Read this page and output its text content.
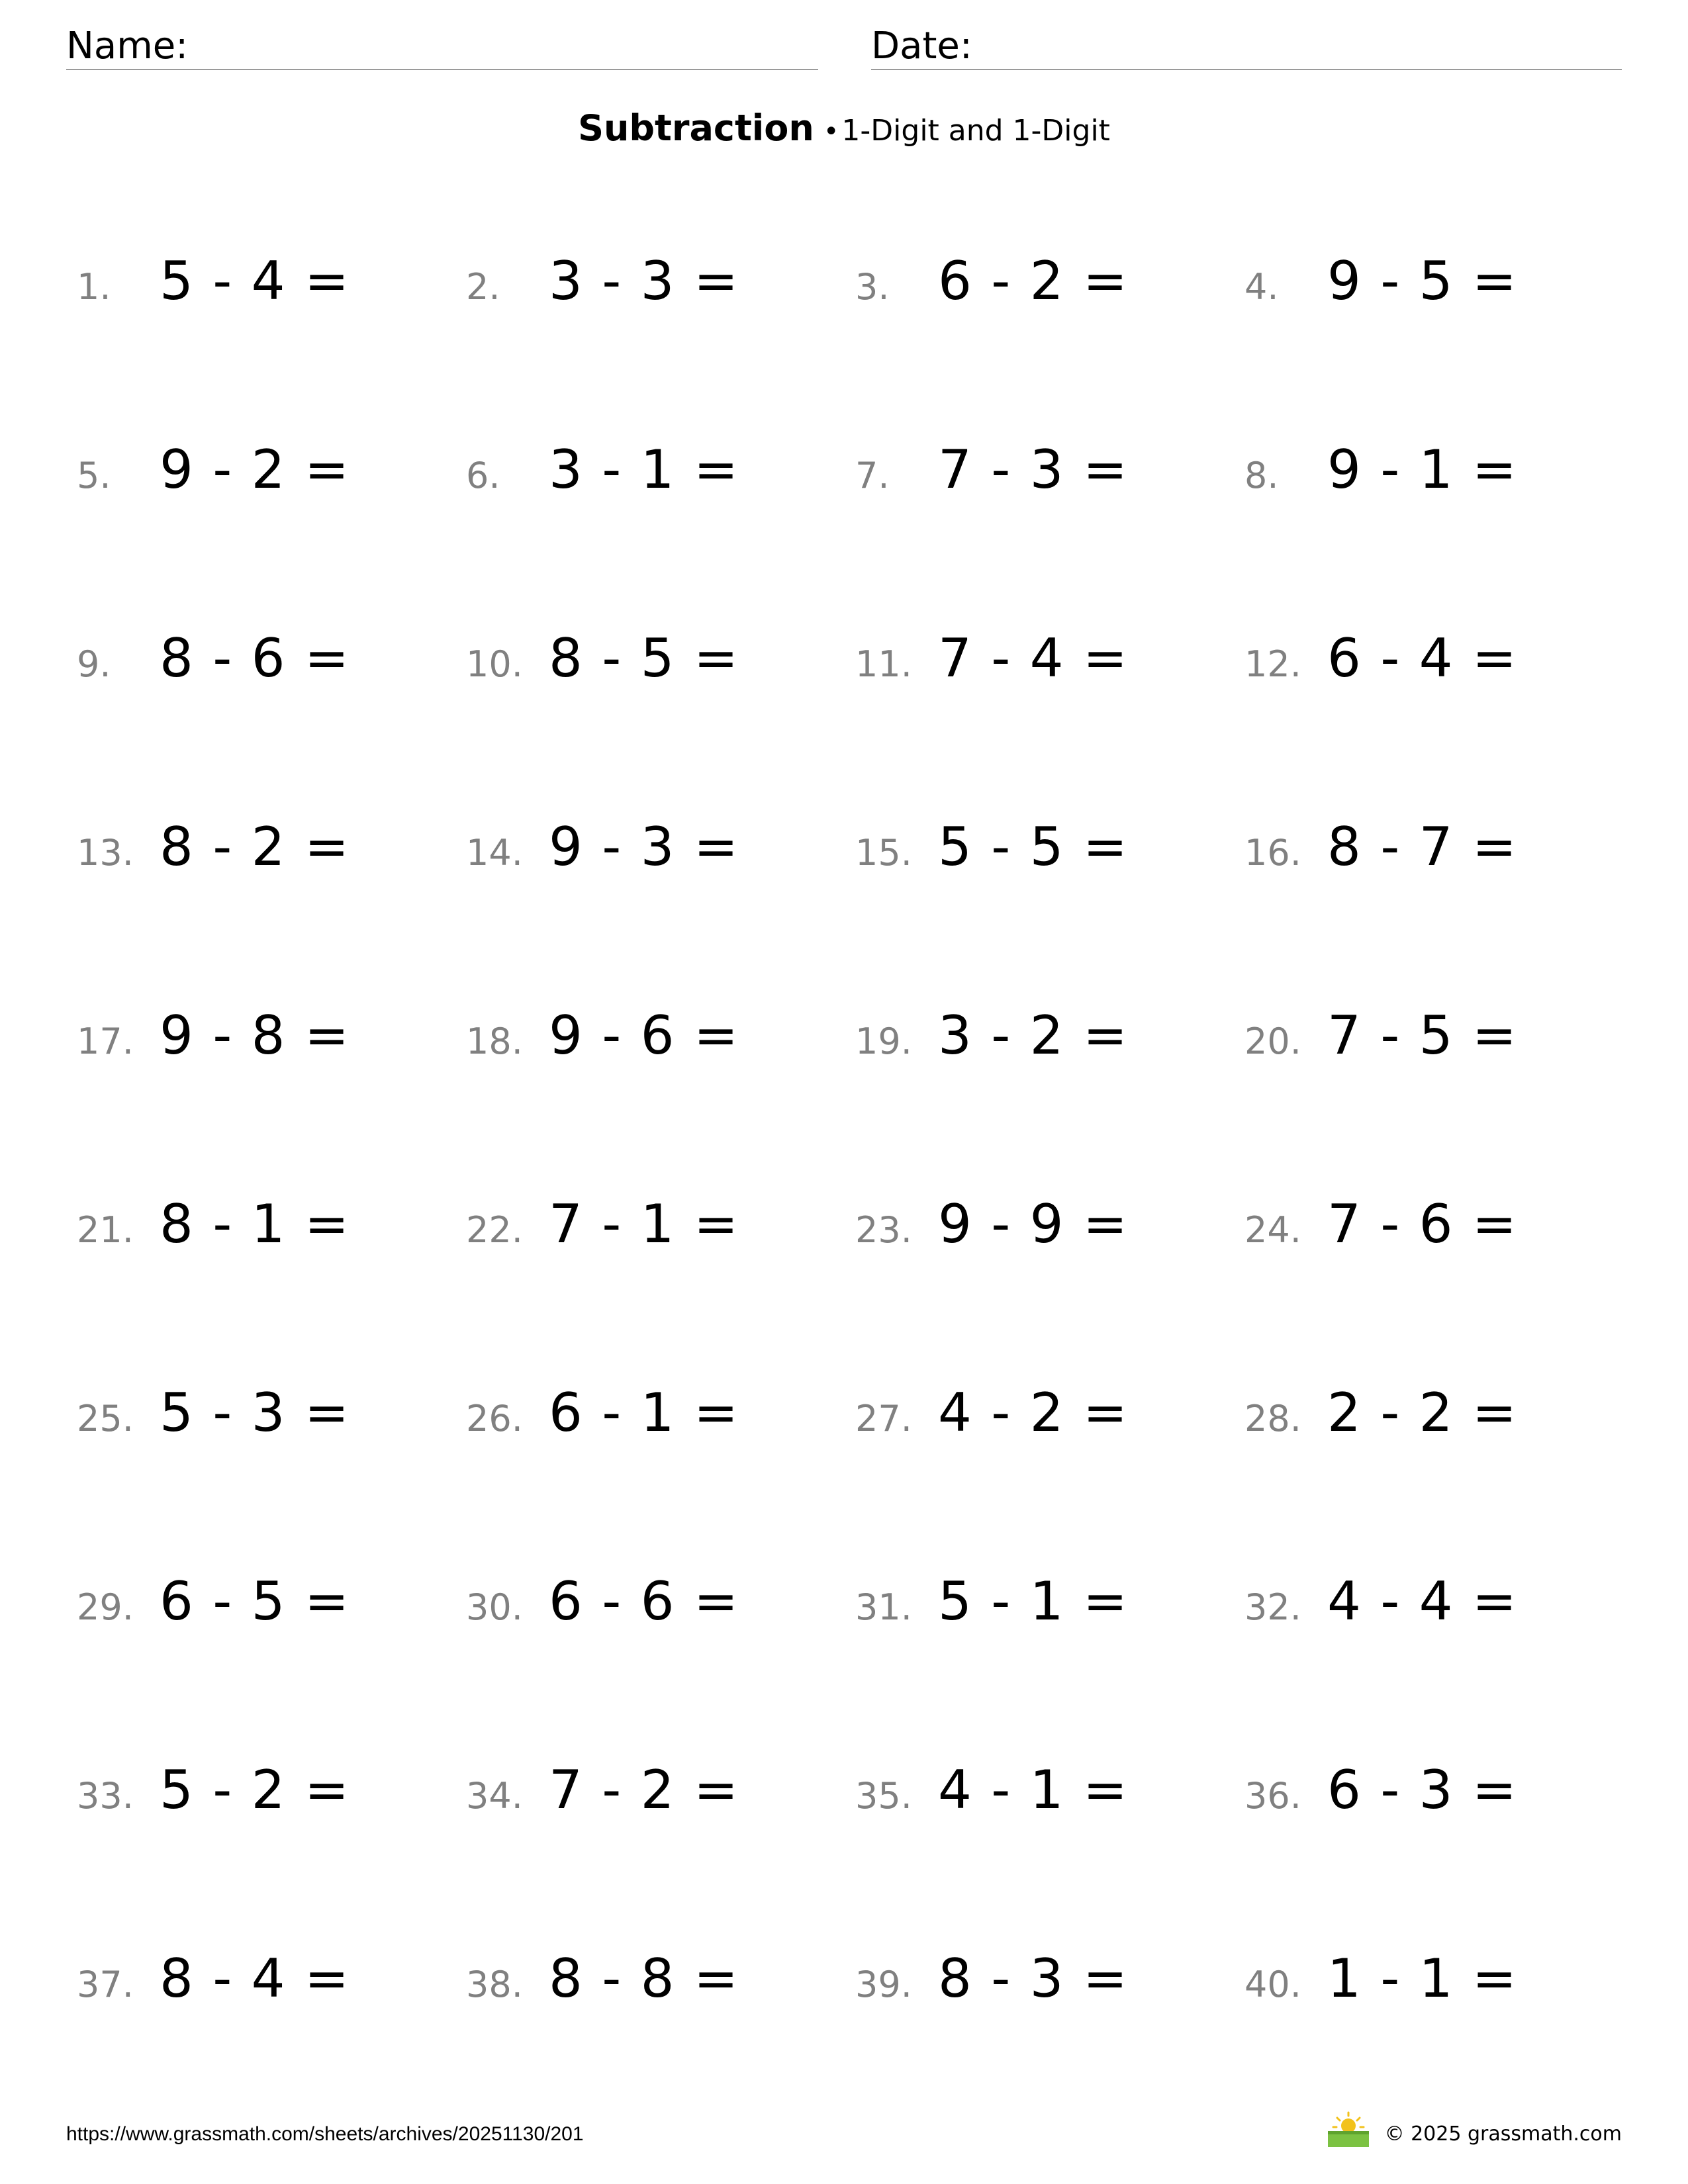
Name:	Date:
Subtraction •1-Digit and 1-Digit
1. 5 - 4 =	2. 3 - 3 =	3. 6 - 2 =	4. 9 - 5 =
5. 9 - 2 =	6. 3 - 1 =	7. 7 - 3 =	8. 9 - 1 =
9. 8 - 6 =	10. 8 - 5 =	11. 7 - 4 =	12. 6 - 4 =
13. 8 - 2 =	14. 9 - 3 =	15. 5 - 5 =	16. 8 - 7 =
17. 9 - 8 =	18. 9 - 6 =	19. 3 - 2 =	20. 7 - 5 =
21. 8 - 1 =	22. 7 - 1 =	23. 9 - 9 =	24. 7 - 6 =
25. 5 - 3 =	26. 6 - 1 =	27. 4 - 2 =	28. 2 - 2 =
29. 6 - 5 =	30. 6 - 6 =	31. 5 - 1 =	32. 4 - 4 =
33. 5 - 2 =	34. 7 - 2 =	35. 4 - 1 =	36. 6 - 3 =
37. 8 - 4 =	38. 8 - 8 =	39. 8 - 3 =	40. 1 - 1 =
https://www.grassmath.com/sheets/archives/20251130/201	© 2025 grassmath.com
